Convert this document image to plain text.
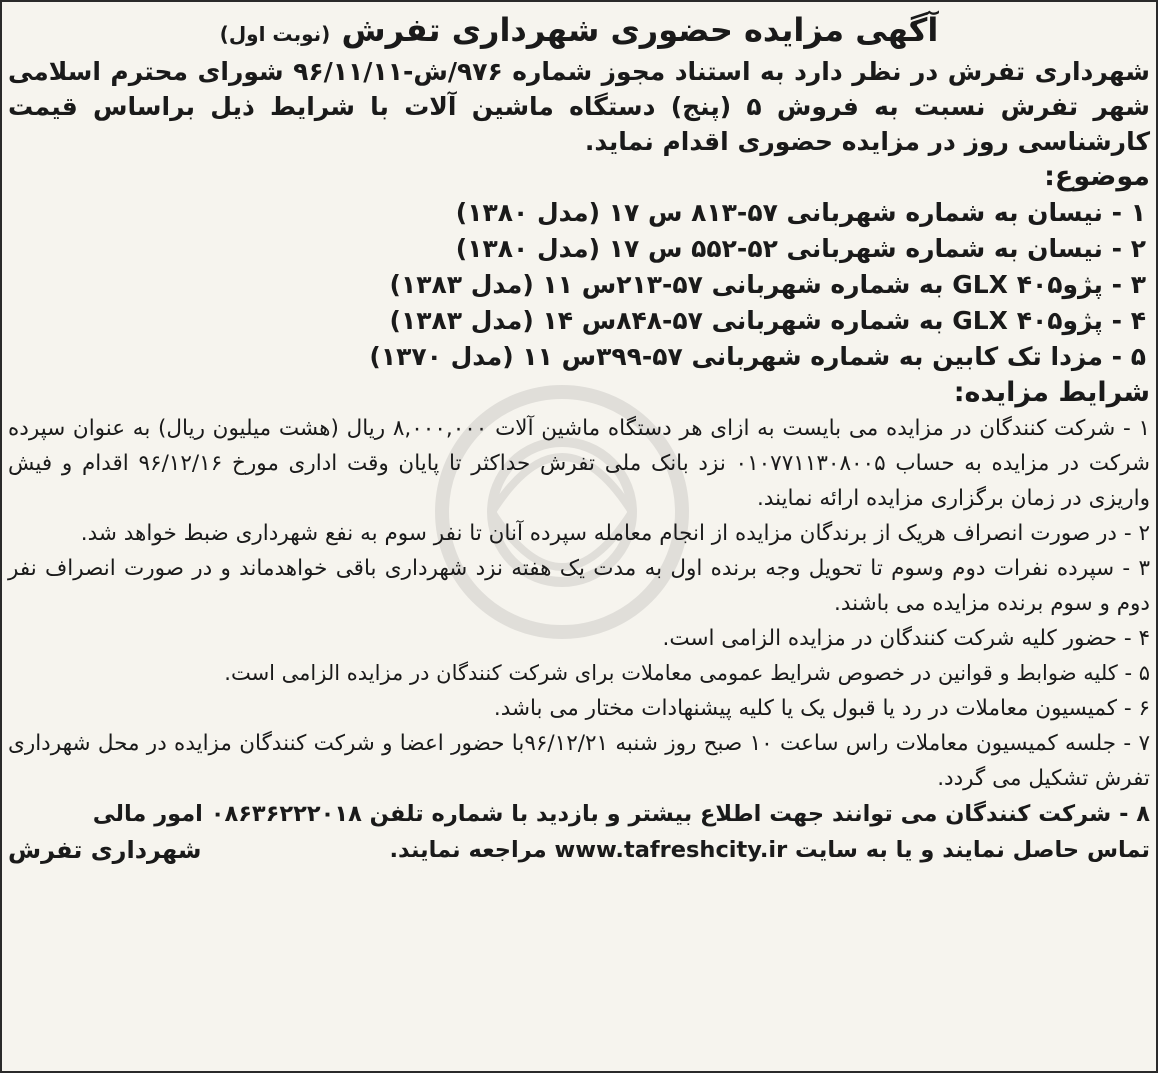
آگهی مزایده حضوری شهرداری تفرش (نوبت اول)
شهرداری تفرش در نظر دارد به استناد مجوز شماره ۹۷۶/ش-۹۶/۱۱/۱۱ شورای محترم اسلامی شهر تفرش نسبت به فروش ۵ (پنج) دستگاه ماشین آلات با شرایط ذیل براساس قیمت کارشناسی روز در مزایده حضوری اقدام نماید.
موضوع:
۱ - نیسان به شماره شهربانی ۵۷-۸۱۳ س ۱۷ (مدل ۱۳۸۰)
۲ - نیسان به شماره شهربانی ۵۲-۵۵۲ س ۱۷ (مدل ۱۳۸۰)
۳ - پژو۴۰۵ GLX به شماره شهربانی ۵۷-۲۱۳س ۱۱ (مدل ۱۳۸۳)
۴ - پژو۴۰۵ GLX به شماره شهربانی ۵۷-۸۴۸س ۱۴ (مدل ۱۳۸۳)
۵ - مزدا تک کابین به شماره شهربانی ۵۷-۳۹۹س ۱۱ (مدل ۱۳۷۰)
شرایط مزایده:
۱ - شرکت کنندگان در مزایده می بایست به ازای هر دستگاه ماشین آلات ۸,۰۰۰,۰۰۰ ریال (هشت میلیون ریال) به عنوان سپرده شرکت در مزایده به حساب ۰۱۰۷۷۱۱۳۰۸۰۰۵ نزد بانک ملی تفرش حداکثر تا پایان وقت اداری مورخ ۹۶/۱۲/۱۶ اقدام و فیش واریزی در زمان برگزاری مزایده ارائه نمایند.
۲ - در صورت انصراف هریک از برندگان مزایده از انجام معامله سپرده آنان تا نفر سوم به نفع شهرداری ضبط خواهد شد.
۳ - سپرده نفرات دوم وسوم تا تحویل وجه برنده اول به مدت یک هفته نزد شهرداری باقی خواهدماند و در صورت انصراف نفر دوم و سوم برنده مزایده می باشند.
۴ - حضور کلیه شرکت کنندگان در مزایده الزامی است.
۵ - کلیه ضوابط و قوانین در خصوص شرایط عمومی معاملات برای شرکت کنندگان در مزایده الزامی است.
۶ - کمیسیون معاملات در رد یا قبول یک یا کلیه پیشنهادات مختار می باشد.
۷ - جلسه کمیسیون معاملات راس ساعت ۱۰ صبح روز شنبه ۹۶/۱۲/۲۱با حضور اعضا و شرکت کنندگان مزایده در محل شهرداری تفرش تشکیل می گردد.
۸ - شرکت کنندگان می توانند جهت اطلاع بیشتر و بازدید با شماره تلفن ۰۸۶۳۶۲۲۲۰۱۸ امور مالی
تماس حاصل نمایند و یا به سایت www.tafreshcity.ir مراجعه نمایند.
شهرداری تفرش
